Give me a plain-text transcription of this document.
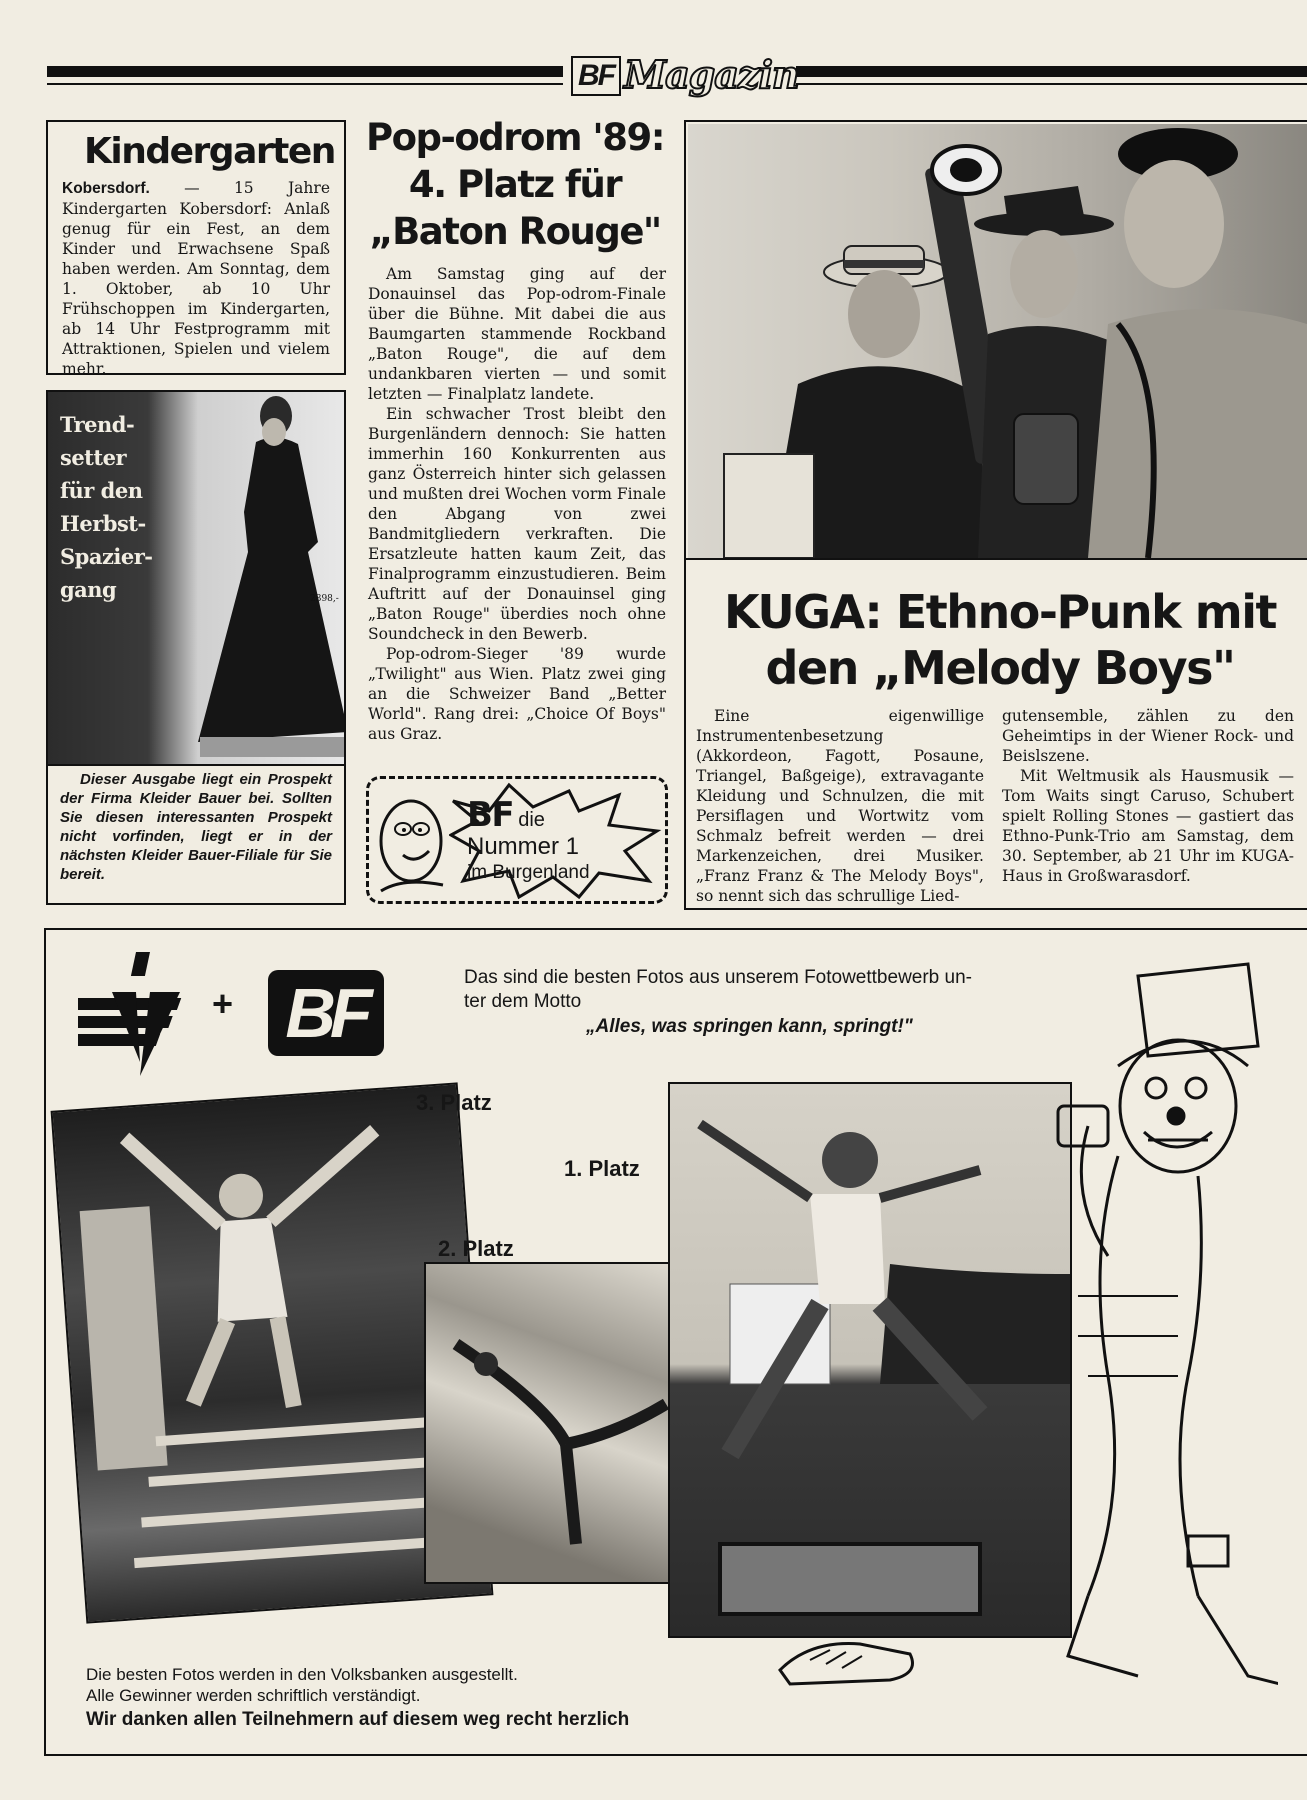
BF Magazin
Kindergarten

Kobersdorf. — 15 Jahre Kindergarten Kobersdorf: Anlaß genug für ein Fest, an dem Kinder und Erwachsene Spaß haben werden. Am Sonntag, dem 1. Oktober, ab 10 Uhr Frühschoppen im Kindergarten, ab 14 Uhr Festprogramm mit Attraktionen, Spielen und vielem mehr.

Trend-
setter
für den
Herbst-
Spazier-
gang	2398,-

Dieser Ausgabe liegt ein Prospekt der Firma Kleider Bauer bei. Sollten Sie diesen interessanten Prospekt nicht vorfinden, liegt er in der nächsten Kleider Bauer-Filiale für Sie bereit.

Pop-odrom '89:
4. Platz für
„Baton Rouge"

Am Samstag ging auf der Donauinsel das Pop-odrom-Finale über die Bühne. Mit dabei die aus Baumgarten stammende Rockband „Baton Rouge", die auf dem undankbaren vierten — und somit letzten — Finalplatz landete.

Ein schwacher Trost bleibt den Burgenländern dennoch: Sie hatten immerhin 160 Konkurrenten aus ganz Österreich hinter sich gelassen und mußten drei Wochen vorm Finale den Abgang von zwei Bandmitgliedern verkraften. Die Ersatzleute hatten kaum Zeit, das Finalprogramm einzustudieren. Beim Auftritt auf der Donauinsel ging „Baton Rouge" überdies noch ohne Soundcheck in den Bewerb.

Pop-odrom-Sieger '89 wurde „Twilight" aus Wien. Platz zwei ging an die Schweizer Band „Better World". Rang drei: „Choice Of Boys" aus Graz.

BF die
Nummer 1
im Burgenland
KUGA: Ethno-Punk mit
den „Melody Boys"

Eine eigenwillige Instrumentenbesetzung (Akkordeon, Fagott, Posaune, Triangel, Baßgeige), extravagante Kleidung und Schnulzen, die mit Persiflagen und Wortwitz vom Schmalz befreit werden — drei Markenzeichen, drei Musiker. „Franz Franz & The Melody Boys", so nennt sich das schrullige Lied-

gutensemble, zählen zu den Geheimtips in der Wiener Rock- und Beislszene.

Mit Weltmusik als Hausmusik — Tom Waits singt Caruso, Schubert spielt Rolling Stones — gastiert das Ethno-Punk-Trio am Samstag, dem 30. September, ab 21 Uhr im KUGA-Haus in Großwarasdorf.

+ BF	Das sind die besten Fotos aus unserem Fotowettbewerb un-
ter dem Motto
„Alles, was springen kann, springt!"
3. Platz
2. Platz
1. Platz
Die besten Fotos werden in den Volksbanken ausgestellt.
Alle Gewinner werden schriftlich verständigt.
Wir danken allen Teilnehmern auf diesem weg recht herzlich
